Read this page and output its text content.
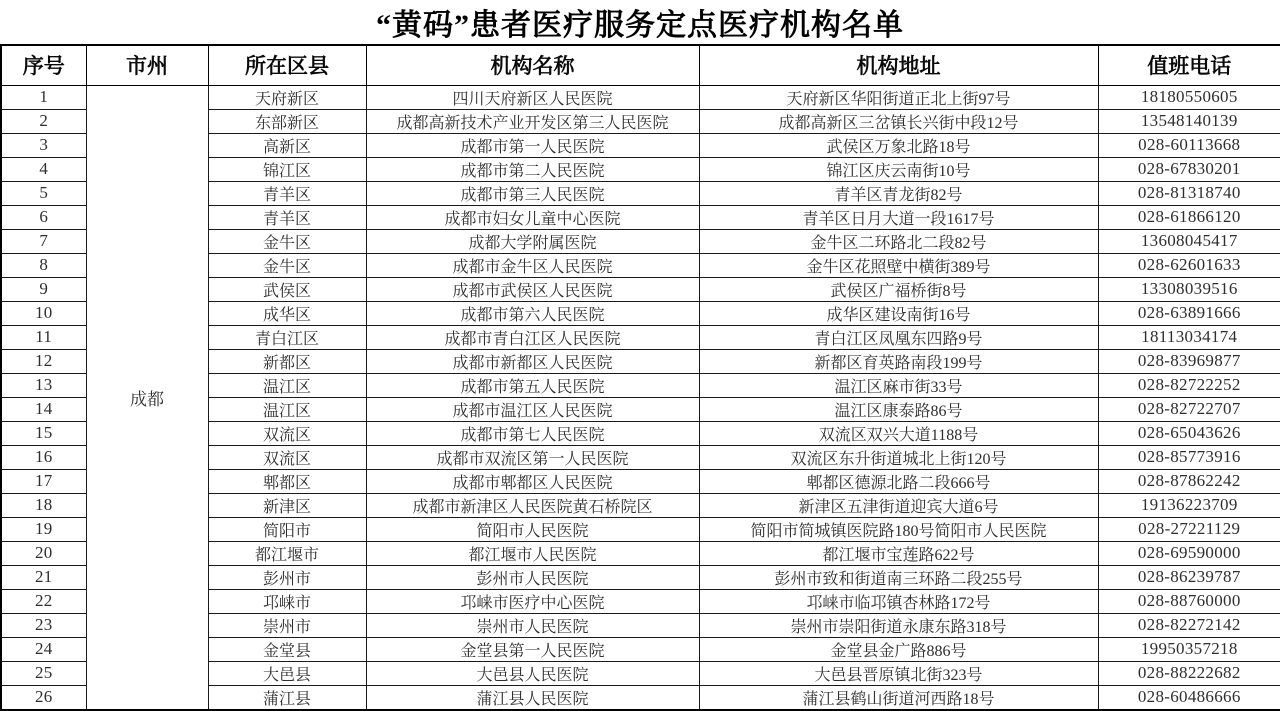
“黄码”患者医疗服务定点医疗机构名单
序号	市州	所在区县	机构名称	机构地址	值班电话
1	成都	天府新区	四川天府新区人民医院	天府新区华阳街道正北上街97号	18180550605
2		东部新区	成都高新技术产业开发区第三人民医院	成都高新区三岔镇长兴街中段12号	13548140139
3		高新区	成都市第一人民医院	武侯区万象北路18号	028-60113668
4		锦江区	成都市第二人民医院	锦江区庆云南街10号	028-67830201
5		青羊区	成都市第三人民医院	青羊区青龙街82号	028-81318740
6		青羊区	成都市妇女儿童中心医院	青羊区日月大道一段1617号	028-61866120
7		金牛区	成都大学附属医院	金牛区二环路北二段82号	13608045417
8		金牛区	成都市金牛区人民医院	金牛区花照壁中横街389号	028-62601633
9		武侯区	成都市武侯区人民医院	武侯区广福桥街8号	13308039516
10		成华区	成都市第六人民医院	成华区建设南街16号	028-63891666
11		青白江区	成都市青白江区人民医院	青白江区凤凰东四路9号	18113034174
12		新都区	成都市新都区人民医院	新都区育英路南段199号	028-83969877
13		温江区	成都市第五人民医院	温江区麻市街33号	028-82722252
14		温江区	成都市温江区人民医院	温江区康泰路86号	028-82722707
15		双流区	成都市第七人民医院	双流区双兴大道1188号	028-65043626
16		双流区	成都市双流区第一人民医院	双流区东升街道城北上街120号	028-85773916
17		郫都区	成都市郫都区人民医院	郫都区德源北路二段666号	028-87862242
18		新津区	成都市新津区人民医院黄石桥院区	新津区五津街道迎宾大道6号	19136223709
19		简阳市	简阳市人民医院	简阳市简城镇医院路180号简阳市人民医院	028-27221129
20		都江堰市	都江堰市人民医院	都江堰市宝莲路622号	028-69590000
21		彭州市	彭州市人民医院	彭州市致和街道南三环路二段255号	028-86239787
22		邛崃市	邛崃市医疗中心医院	邛崃市临邛镇杏林路172号	028-88760000
23		崇州市	崇州市人民医院	崇州市崇阳街道永康东路318号	028-82272142
24		金堂县	金堂县第一人民医院	金堂县金广路886号	19950357218
25		大邑县	大邑县人民医院	大邑县晋原镇北街323号	028-88222682
26		蒲江县	蒲江县人民医院	蒲江县鹤山街道河西路18号	028-60486666
